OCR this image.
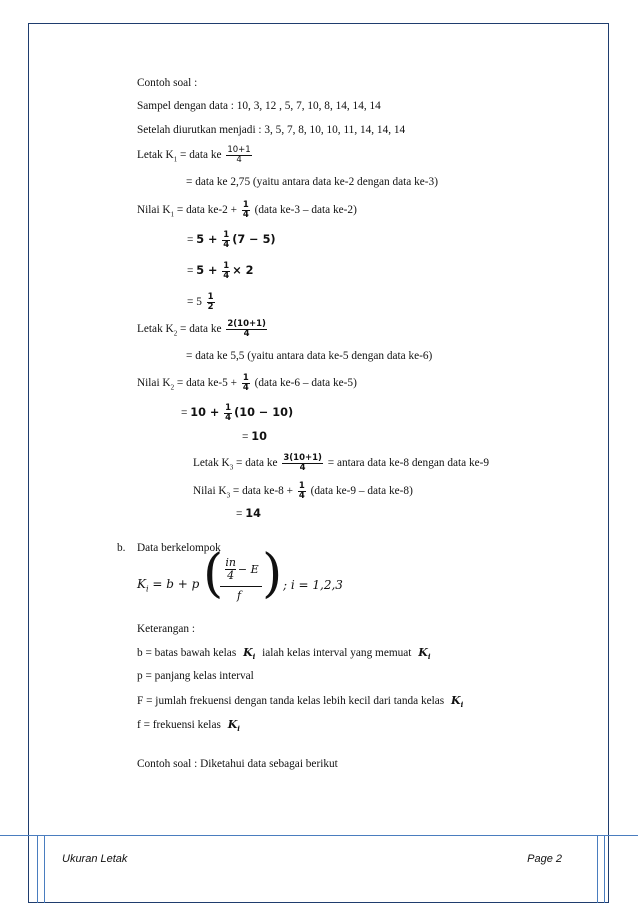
Contoh soal :
Sampel dengan data : 10, 3, 12 , 5, 7, 10, 8, 14, 14, 14
Setelah diurutkan menjadi : 3, 5, 7, 8, 10, 10, 11, 14, 14, 14
Letak $K_1$ = data ke $\frac{10+1}{4}$
= data ke 2,75 (yaitu antara data ke-2 dengan data ke-3)
Nilai $K_1$ = data $ke-2 + \frac{1}{4}$ (data ke-3 – data ke-2)
= $5 + \frac{1}{4} (7 - 5)$
= $5 + \frac{1}{4} \times 2$
= $5 \frac{1}{2}$
Letak $K_2$ = data ke $\frac{2(10+1)}{4}$
= data ke 5,5 (yaitu antara data ke-5 dengan data ke-6)
Nilai $K_2$ = data $ke-5 + \frac{1}{4}$ (data ke-6 – data ke-5)
= $10 + \frac{1}{4} (10 - 10)$
= 10
Letak $K_3$ = data ke $\frac{3(10+1)}{4}$ = antara data ke-8 dengan data ke-9
Nilai $K_3$ = data $ke-8 + \frac{1}{4}$ (data ke-9 – data ke-8)
= 14
b. Data berkelompok
$K_i = b + p$ ( in
4 − E
f ) ; i = 1,2,3
Keterangan :
b = batas bawah kelas $K_i$ ialah kelas interval yang memuat $K_i$
p = panjang kelas interval
F = jumlah frekuensi dengan tanda kelas lebih kecil dari tanda kelas $K_i$
f = frekuensi kelas $K_i$
Contoh soal : Diketahui data sebagai berikut
Ukuran Letak	Page 2
